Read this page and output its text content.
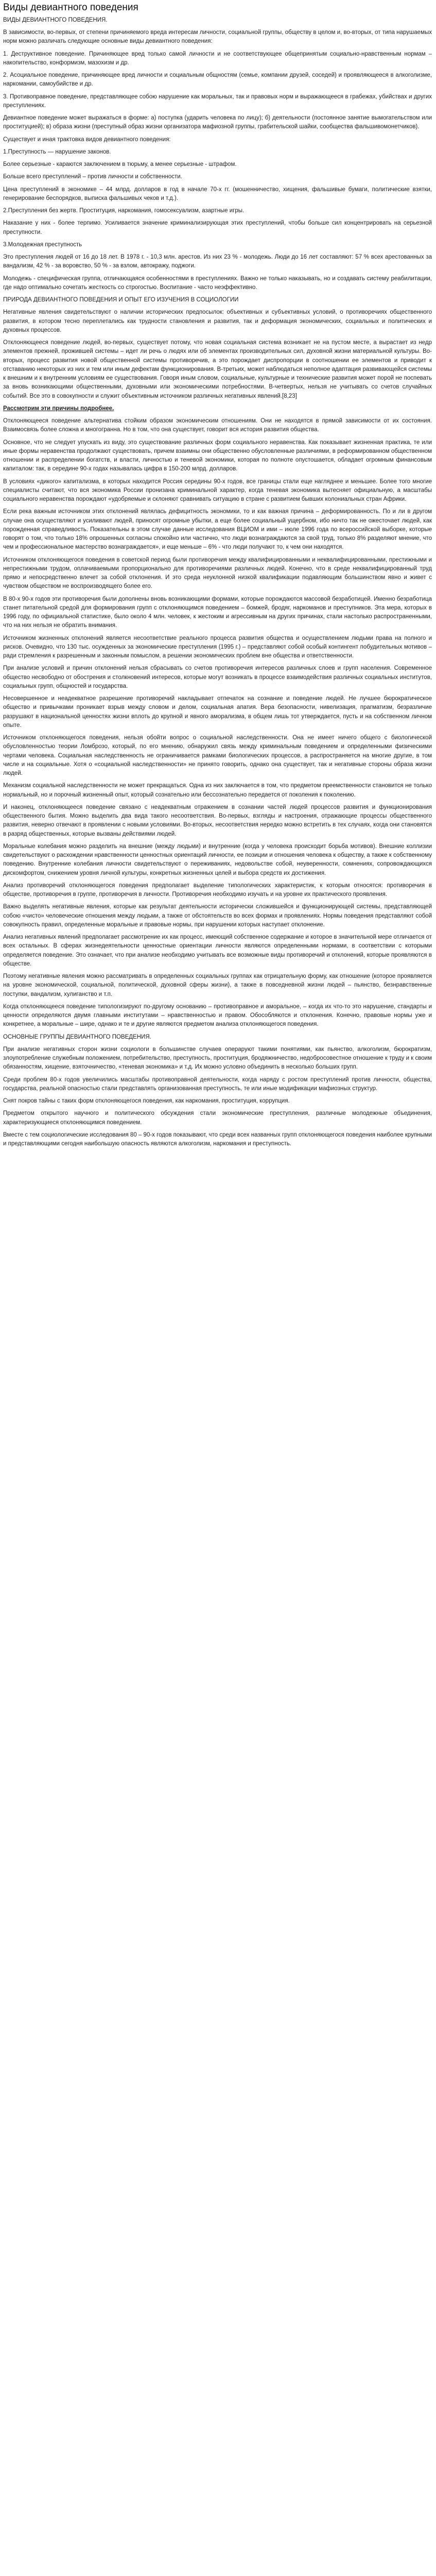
Виды девиантного поведения

ВИДЫ ДЕВИАНТНОГО ПОВЕДЕНИЯ.

В зависимости, во-первых, от степени причиняемого вреда интересам личности, социальной группы, обществу в целом и, во-вторых, от типа нарушаемых норм можно различать следующие основные виды девиантного поведения:

1. Деструктивное поведение. Причиняющее вред только самой личности и не соответствующее общепринятым социально-нравственным нормам – накопительство, конформизм, мазохизм и др.

2. Асоциальное поведение, причиняющее вред личности и социальным общностям (семье, компании друзей, соседей) и проявляющееся в алкоголизме, наркомании, самоубийстве и др.

3. Противоправное поведение, представляющее собою нарушение как моральных, так и правовых норм и выражающееся в грабежах, убийствах и других преступлениях.

Девиантное поведение может выражаться в форме: а) поступка (ударить человека по лицу); б) деятельности (постоянное занятие вымогательством или проституцией); в) образа жизни (преступный образ жизни организатора мафиозной группы, грабительской шайки, сообщества фальшивомонетчиков).

Существует и иная трактовка видов девиантного поведения:

1.Преступность — нарушение законов.

Более серьезные - караются заключением в тюрьму, а менее серьезные - штрафом.

Больше всего преступлений – против личности и собственности.

Цена преступлений в экономике – 44 млрд. долларов в год в начале 70-х гг. (мошенничество, хищения, фальшивые бумаги, политические взятки, генерирование беспорядков, выписка фальшивых чеков и т.д.).

2.Преступления без жертв. Проституция, наркомания, гомосексуализм, азартные игры.

Наказание у них - более терпимо. Усиливается значение криминализирующая этих преступлений, чтобы больше сил концентрировать на серьезной преступности.

3.Молодежная преступность

Это преступления людей от 16 до 18 лет. В 1978 г. - 10,3 млн. арестов. Из них 23 % - молодежь. Люди до 16 лет составляют: 57 % всех арестованных за вандализм, 42 % - за воровство, 50 % - за взлом, автокражу, поджоги.

Молодежь - специфическая группа, отличающаяся особенностями в преступлениях. Важно не только наказывать, но и создавать систему реабилитации, где надо оптимально сочетать жесткость со строгостью. Воспитание - часто неэффективно.

ПРИРОДА ДЕВИАНТНОГО ПОВЕДЕНИЯ И ОПЫТ ЕГО ИЗУЧЕНИЯ В СОЦИОЛОГИИ

Негативные явления свидетельствуют о наличии исторических предпосылок: объективных и субъективных условий, о противоречиях общественного развития, в котором тесно переплетались как трудности становления и развития, так и деформация экономических, социальных и политических и духовных процессов.

Отклоняющееся поведение людей, во-первых, существует потому, что новая социальная система возникает не на пустом месте, а вырастает из недр элементов прежней, прожившей системы – идет ли речь о людях или об элементах производительных сил, духовной жизни материальной культуры. Во-вторых, процесс развития новой общественной системы противоречив, а это порождает диспропорции в соотношении ее элементов и приводит к отставанию некоторых из них и тем или иным дефектам функционирования. В-третьих, может наблюдаться неполное адаптация развивающейся системы к внешним и к внутренним условиям ее существования. Говоря иным словом, социальные, культурные и технические развития может порой не поспевать за вновь возникающими общественными, духовными или экономическими потребностями. В-четвертых, нельзя не учитывать со счетов случайных событий. Все это в совокупности и служит объективным источником различных негативных явлений.[8,23]

Рассмотрим эти причины подробнее.

Отклоняющееся поведение альтернатива стойким образом экономическим отношениям. Они не находятся в прямой зависимости от их состояния. Взаимосвязь более сложна и многогранна. Но в том, что она существует, говорит вся история развития общества.

Основное, что не следует упускать из виду, это существование различных форм социального неравенства. Как показывает жизненная практика, те или иные формы неравенства продолжают существовать, причем взаимны они общественно обусловленные различиями, в реформированном общественном отношении и распределении богатств, и власти, личностью и теневой экономики, которая по полноте опустошается, обладает огромным финансовым капиталом: так, в середине 90-х годах называлась цифра в 150-200 млрд. долларов.

В условиях «дикого» капитализма, в которых находится Россия середины 90-х годов, все границы стали еще нагляднее и меньшее. Более того многие специалисты считают, что вся экономика России пронизана криминальной характер, когда теневая экономика вытесняет официальную, а масштабы социального неравенства порождают «удобряемые и склоняют сравнивать ситуацию в стране с развитием бывших колониальных стран Африки.

Если река важным источником этих отклонений являлась дефицитность экономики, то и как важная причина – деформированность. По и ли в другом случае она осуществляют и усиливают людей, приносят огромные убытки, а еще более социальный ущербном, ибо ничто так не ожесточает людей, как порожденная справедливость. Показательны в этом случае данные исследования ВЦИОМ и ими – июле 1996 года по всероссийской выборке, которые говорят о том, что только 18% опрошенных согласны спокойно или частично, что люди вознаграждаются за свой труд, только 8% разделяют мнение, что чем и профессиональное мастерство вознаграждается», и еще меньше – 6% - что люди получают то, к чем они находятся.

Источником отклоняющегося поведения в советской период были противоречия между квалифицированными и неквалифицированными, престижными и непрестижными трудом, оплачиваемыми пропорционально для противоречиями различных людей. Конечно, что в среде неквалифицированный труд прямо и непосредственно влечет за собой отклонения. И это среда неуклонной низкой квалификации подавляющим большинством явно и живет с чувством обществом не воспроизводящего более его.

В 80-х 90-х годов эти противоречия были дополнены вновь возникающими формами, которые порождаются массовой безработицей. Именно безработица станет питательной средой для формирования групп с отклоняющимся поведением – бомжей, бродяг, наркоманов и преступников. Эта мера, которых в 1996 году, по официальной статистике, было около 4 млн. человек, к жестоким и агрессивным на других причинах, стали настолько распространенными, что на них нельзя не обратить внимания.

Источником жизненных отклонений является несоответствие реального процесса развития общества и осуществлением людьми права на полного и рисков. Очевидно, что 130 тыс. осужденных за экономические преступления (1995 г.) – представляют собой особый контингент побудительных мотивов – ради стремления к разрешенным и законным помыслом, а решении экономических проблем вне общества и ответственности.

При анализе условий и причин отклонений нельзя сбрасывать со счетов противоречия интересов различных слоев и групп населения. Современное общество несвободно от обострения и столкновений интересов, которые могут возникать в процессе взаимодействия различных социальных институтов, социальных групп, общностей и государства.

Несовершенное и неадекватное разрешение противоречий накладывает отпечаток на сознание и поведение людей. Не лучшее бюрократическое общество и привычками проникает взрыв между словом и делом, социальная апатия. Вера безопасности, нивелизация, прагматизм, безразличие разрушают в национальной ценностях жизни вплоть до крупной и явного аморализма, в общем лишь тот утверждается, пусть и на собственном личном опыте.

Источником отклоняющегося поведения, нельзя обойти вопрос о социальной наследственности. Она не имеет ничего общего с биологической обусловленностью теории Ломброзо, который, по его мнению, обнаружил связь между криминальным поведением и определенными физическими чертами человека. Социальная наследственность не ограничивается рамками биологических процессов, а распространяется на многие другие, в том числе и на социальные. Хотя о «социальной наследственности» не принято говорить, однако она существует, так и негативные стороны образа жизни людей.

Механизм социальной наследственности не может прекращаться. Одна из них заключается в том, что предметом преемственности становится не только нормальный, но и порочный жизненный опыт, который сознательно или бессознательно передается от поколения к поколению.

И наконец, отклоняющееся поведение связано с неадекватным отражением в сознании частей людей процессов развития и функционирования общественного бытия. Можно выделить два вида такого несоответствия. Во-первых, взгляды и настроения, отражающие процессы общественного развития, неверно отвечают в проявлении с новыми условиями. Во-вторых, несоответствия нередко можно встретить в тех случаях, когда они становятся в разряд общественных, которые вызваны действиями людей.

Моральные колебания можно разделить на внешние (между людьми) и внутренние (когда у человека происходит борьба мотивов). Внешние коллизии свидетельствуют о расхождении нравственности ценностных ориентаций личности, ее позиции и отношения человека к обществу, а также к собственному поведению. Внутренние колебания личности свидетельствуют о переживаниях, недовольстве собой, неуверенности, сомнениях, сопровождающихся дискомфортом, снижением уровня личной культуры, конкретных жизненных целей и выбора средств их достижения.

Анализ противоречий отклоняющегося поведения предполагает выделение типологических характеристик, к которым относятся: противоречия в обществе, противоречия в группе, противоречия в личности. Противоречия необходимо изучать и на уровне их практического проявления.

Важно выделять негативные явления, которые как результат деятельности исторически сложившейся и функционирующей системы, представляющей собою «чисто» человеческие отношения между людьми, а также от обстоятельств во всех формах и проявлениях. Нормы поведения представляют собой совокупность правил, определенные моральные и правовые нормы, при нарушении которых наступает отклонение.

Анализ негативных явлений предполагает рассмотрение их как процесс, имеющий собственное содержание и которое в значительной мере отличается от всех остальных. В сферах жизнедеятельности ценностные ориентации личности являются определенными нормами, в соответствии с которыми определяется поведение. Это означает, что при анализе необходимо учитывать все возможные виды противоречий и отклонений, которые проявляются в обществе.

Поэтому негативные явления можно рассматривать в определенных социальных группах как отрицательную форму, как отношение (которое проявляется на уровне экономической, социальной, политической, духовной сферы жизни), а также в повседневной жизни людей – пьянство, безнравственные поступки, вандализм, хулиганство и т.п.

Когда отклоняющееся поведение типологизируют по-другому основанию – противоправное и аморальное, – когда их что-то это нарушение, стандарты и ценности определяются двумя главными институтами – нравственностью и правом. Обособляются и отклонения. Конечно, правовые нормы уже и конкретнее, а моральные – шире, однако и те и другие являются предметом анализа отклоняющегося поведения.

ОСНОВНЫЕ ГРУППЫ ДЕВИАНТНОГО ПОВЕДЕНИЯ.

При анализе негативных сторон жизни социологи в большинстве случаев операруют такими понятиями, как пьянство, алкоголизм, бюрократизм, злоупотребление служебным положением, потребительство, преступность, проституция, бродяжничество, недобросовестное отношение к труду и к своим обязанностям, хищение, взяточничество, «теневая экономика» и т.д. Их можно условно объединить в несколько больших групп.

Среди проблем 80-х годов увеличились масштабы противоправной деятельности, когда наряду с ростом преступлений против личности, общества, государства, реальной опасностью стали представлять организованная преступность, те или иные модификации мафиозных структур.

Снят покров тайны с таких форм отклоняющегося поведения, как наркомания, проституция, коррупция.

Предметом открытого научного и политического обсуждения стали экономические преступления, различные молодежные объединения, характеризующиеся отклоняющимся поведением.

Вместе с тем социологические исследования 80 – 90-х годов показывают, что среди всех названных групп отклоняющегося поведения наиболее крупными и представляющими сегодня наибольшую опасность являются алкоголизм, наркомания и преступность.
